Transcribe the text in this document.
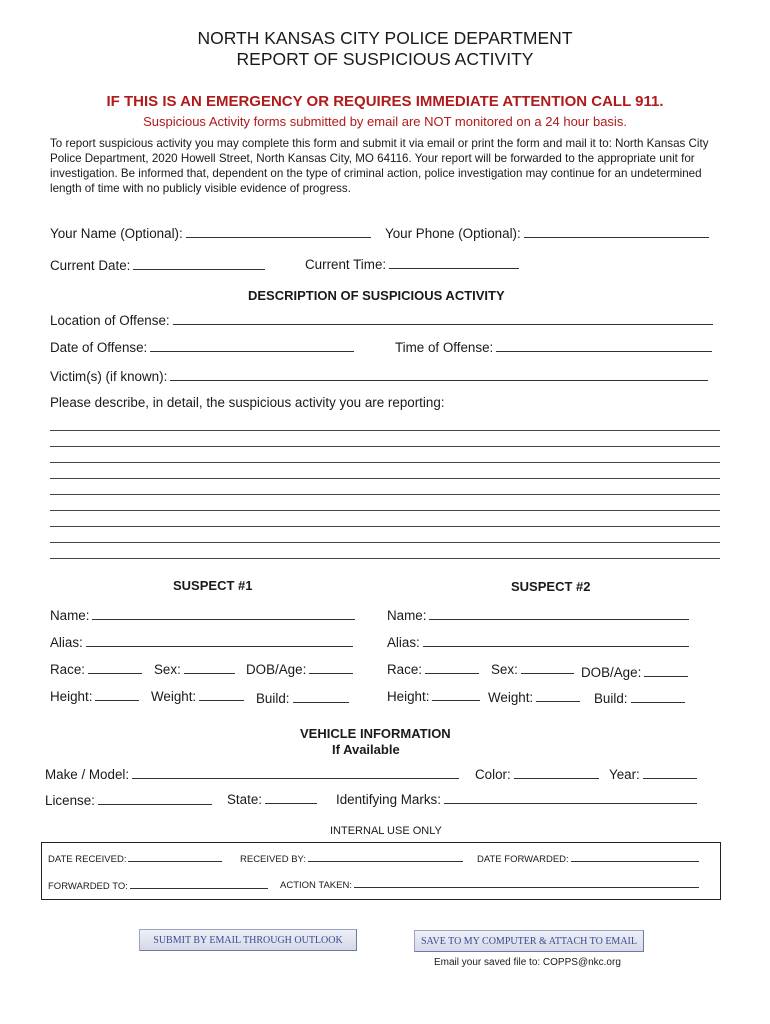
NORTH KANSAS CITY POLICE DEPARTMENT
REPORT OF SUSPICIOUS ACTIVITY
IF THIS IS AN EMERGENCY OR REQUIRES IMMEDIATE ATTENTION CALL 911.
Suspicious Activity forms submitted by email are NOT monitored on a 24 hour basis.
To report suspicious activity you may complete this form and submit it via email or print the form and mail it to: North Kansas City Police Department, 2020 Howell Street, North Kansas City, MO 64116. Your report will be forwarded to the appropriate unit for investigation. Be informed that, dependent on the type of criminal action, police investigation may continue for an undetermined length of time with no publicly visible evidence of progress.
Your Name (Optional):	Your Phone (Optional):
Current Date:	Current Time:
DESCRIPTION OF SUSPICIOUS ACTIVITY
Location of Offense:
Date of Offense:	Time of Offense:
Victim(s) (if known):
Please describe, in detail, the suspicious activity you are reporting:
SUSPECT #1	SUSPECT #2
Name:
Alias:
Race:	Sex:	DOB/Age:
Height:	Weight:	Build:
Name:
Alias:
Race:	Sex:	DOB/Age:
Height:	Weight:	Build:
VEHICLE INFORMATION
If Available
Make / Model:	Color:	Year:
License:	State:	Identifying Marks:
INTERNAL USE ONLY
DATE RECEIVED:	RECEIVED BY:	DATE FORWARDED:
FORWARDED TO:	ACTION TAKEN:
SUBMIT BY EMAIL THROUGH OUTLOOK	SAVE TO MY COMPUTER & ATTACH TO EMAIL
Email your saved file to: COPPS@nkc.org
